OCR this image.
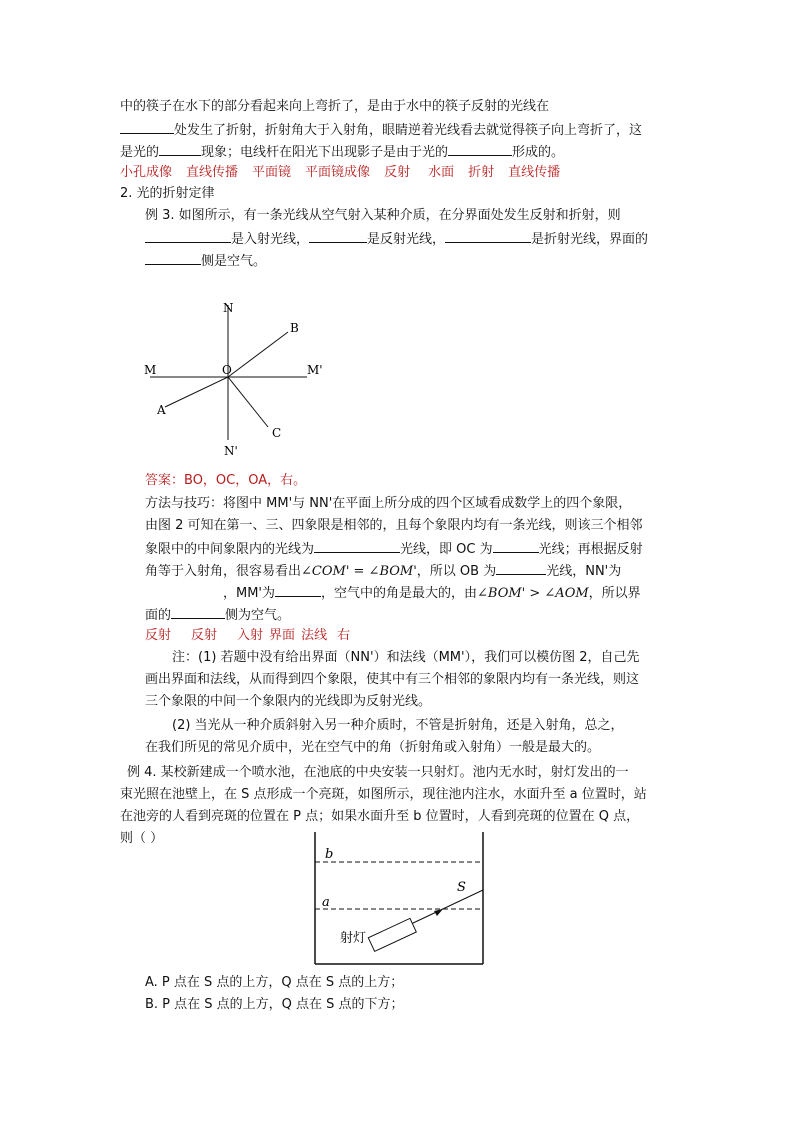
中的筷子在水下的部分看起来向上弯折了，是由于水中的筷子反射的光线在
处发生了折射，折射角大于入射角，眼睛逆着光线看去就觉得筷子向上弯折了，这
是光的	现象；电线杆在阳光下出现影子是由于光的	形成的。
小孔成像 直线传播 平面镜 平面镜成像 反射 水面 折射 直线传播
2. 光的折射定律
例 3. 如图所示，有一条光线从空气射入某种介质，在分界面处发生反射和折射，则
是入射光线，	是反射光线，	是折射光线，界面的
侧是空气。
N
B
M	O	M'
A
C
N'
答案：BO，OC，OA，右。
方法与技巧：将图中 MM'与 NN'在平面上所分成的四个区域看成数学上的四个象限，
由图 2 可知在第一、三、四象限是相邻的，且每个象限内均有一条光线，则该三个相邻
象限中的中间象限内的光线为	光线，即 OC 为	光线；再根据反射
角等于入射角，很容易看出∠COM' = ∠BOM'，所以 OB 为	光线，NN'为
，MM'为	，空气中的角是最大的，由∠BOM' > ∠AOM，所以界
面的	侧为空气。
反射 反射 入射 界面 法线 右
注：(1) 若题中没有给出界面（NN'）和法线（MM'），我们可以模仿图 2，自己先
画出界面和法线，从而得到四个象限，使其中有三个相邻的象限内均有一条光线，则这
三个象限的中间一个象限内的光线即为反射光线。
(2) 当光从一种介质斜射入另一种介质时，不管是折射角，还是入射角，总之，
在我们所见的常见介质中，光在空气中的角（折射角或入射角）一般是最大的。
例 4. 某校新建成一个喷水池，在池底的中央安装一只射灯。池内无水时，射灯发出的一
束光照在池壁上，在 S 点形成一个亮斑，如图所示，现往池内注水，水面升至 a 位置时，站
在池旁的人看到亮斑的位置在 P 点；如果水面升至 b 位置时，人看到亮斑的位置在 Q 点，
则（ ）
b
a
S
射灯
A. P 点在 S 点的上方，Q 点在 S 点的上方；
B. P 点在 S 点的上方，Q 点在 S 点的下方；
